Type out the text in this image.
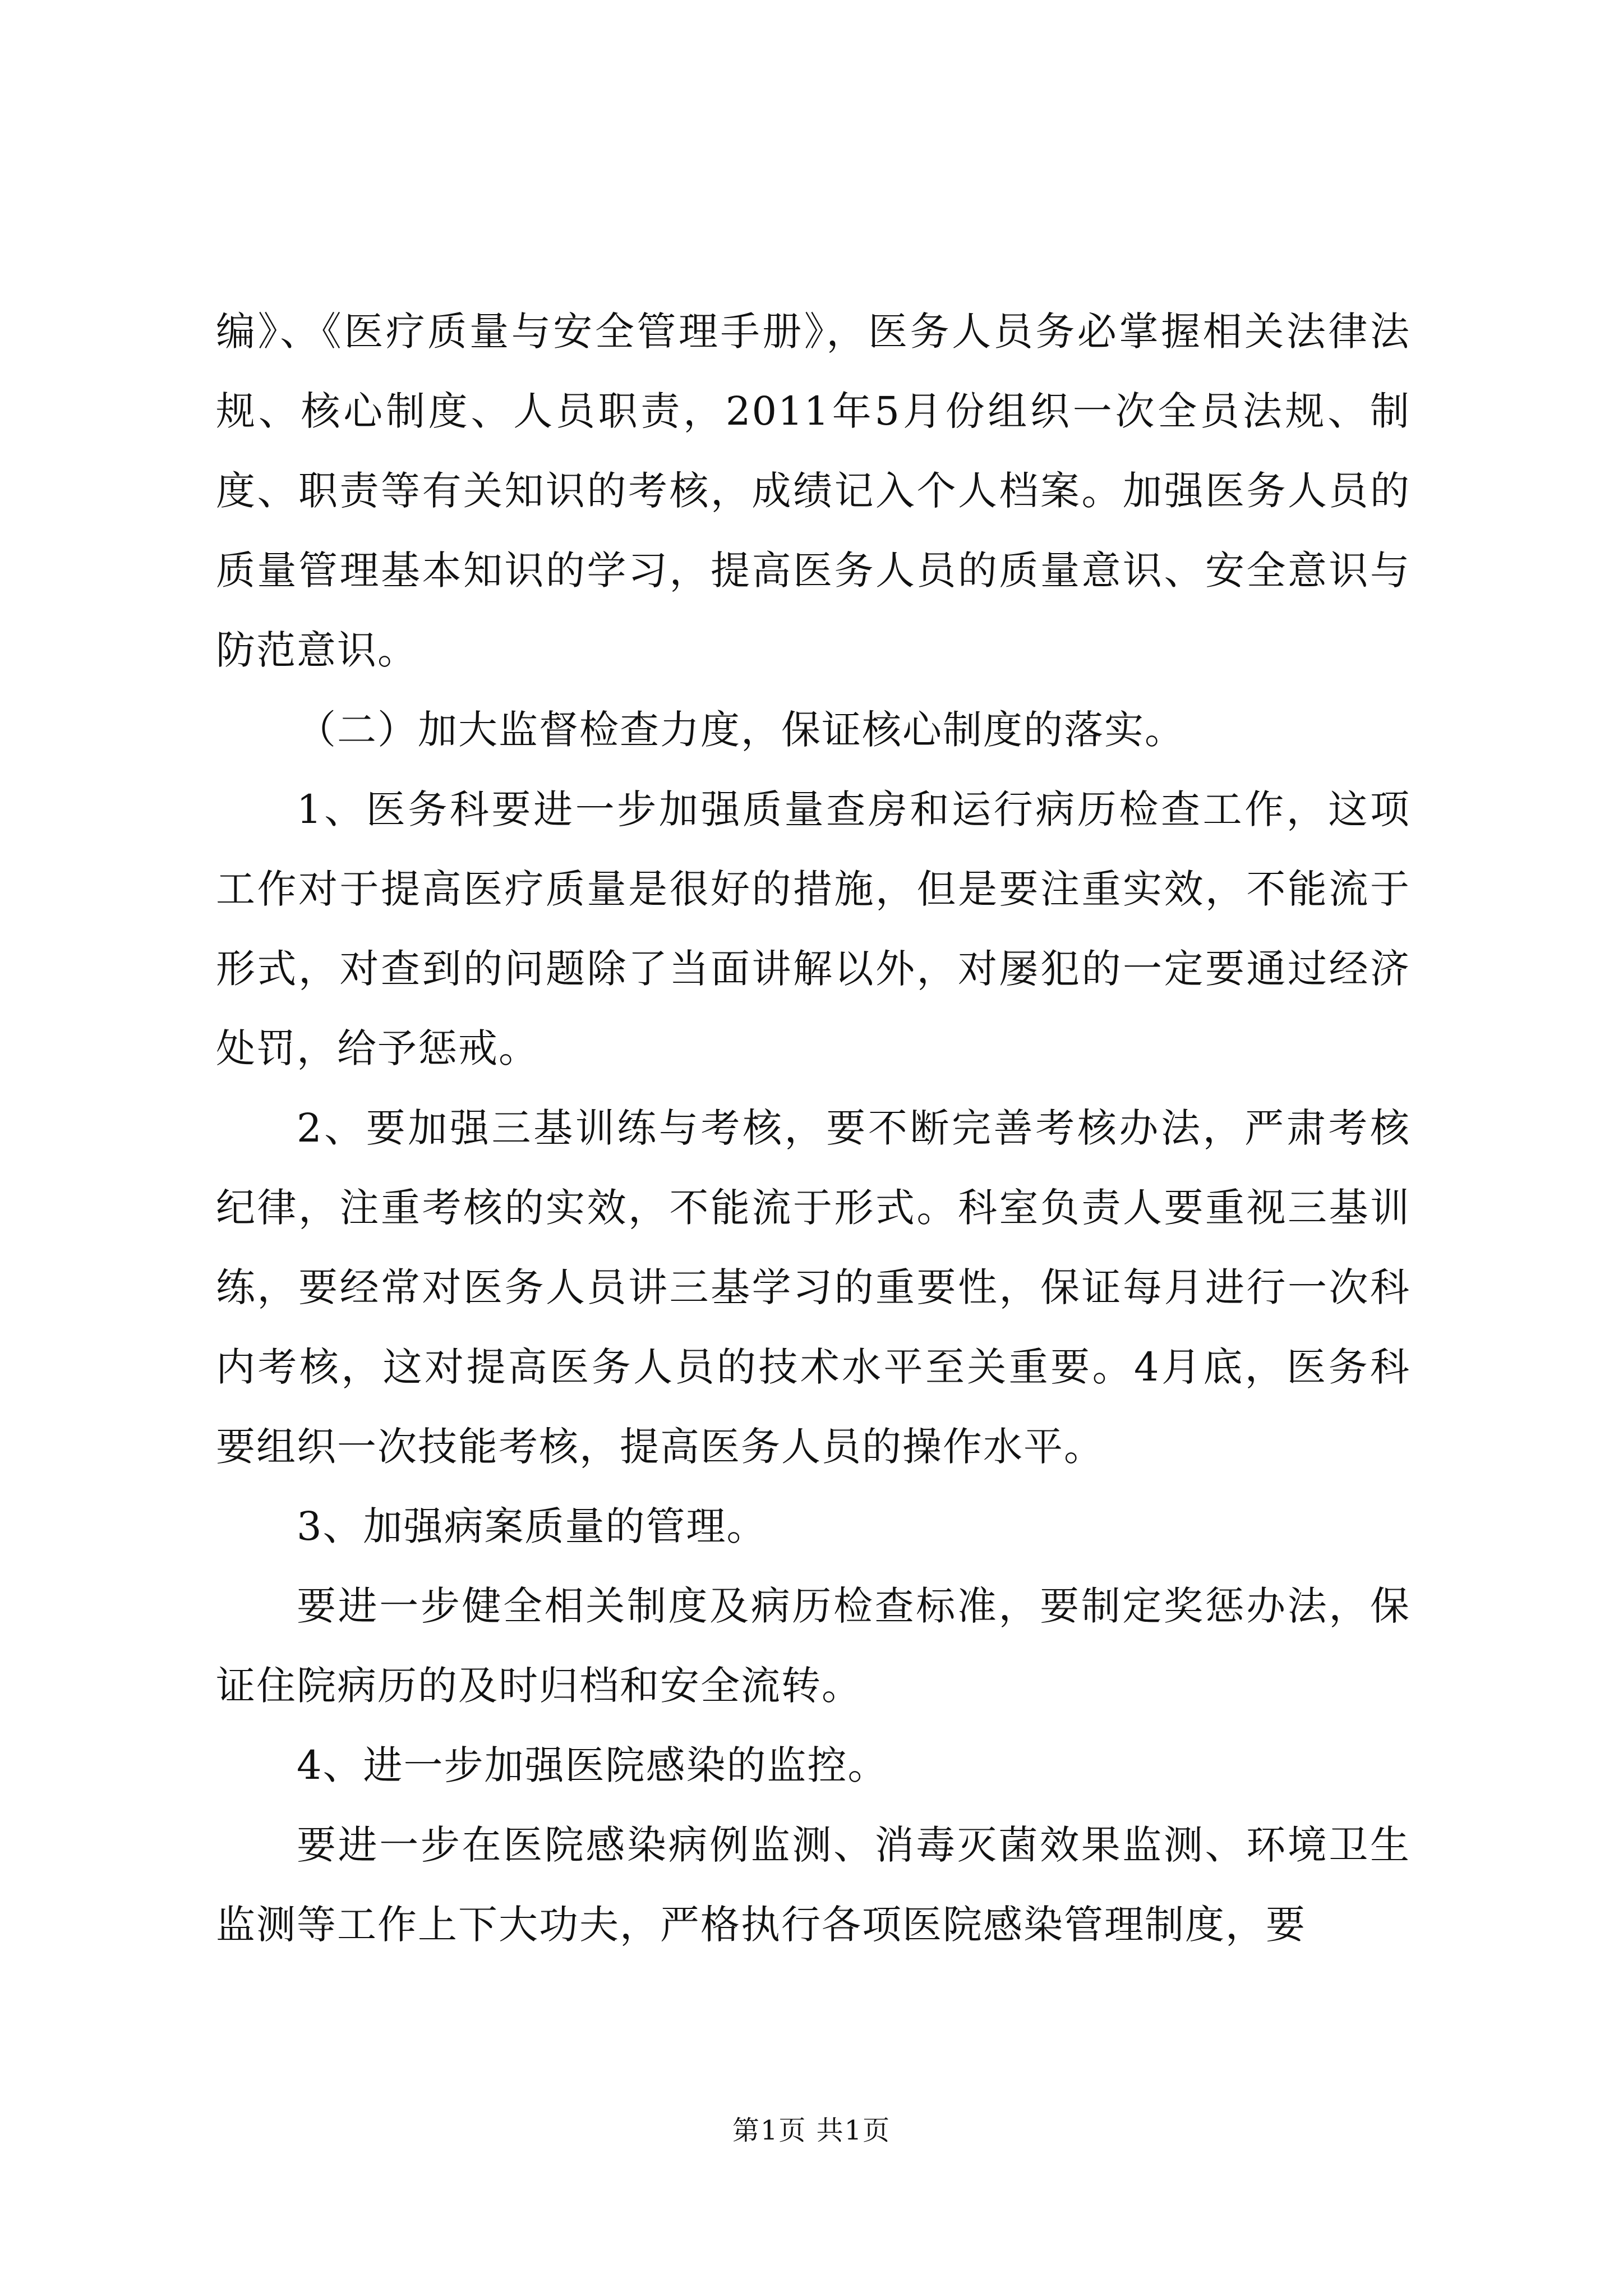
编》、《医疗质量与安全管理手册》，医务人员务必掌握相关法律法规、核心制度、人员职责，2011年5月份组织一次全员法规、制度、职责等有关知识的考核，成绩记入个人档案。加强医务人员的质量管理基本知识的学习，提高医务人员的质量意识、安全意识与防范意识。

（二）加大监督检查力度，保证核心制度的落实。

1、医务科要进一步加强质量查房和运行病历检查工作，这项工作对于提高医疗质量是很好的措施，但是要注重实效，不能流于形式，对查到的问题除了当面讲解以外，对屡犯的一定要通过经济处罚，给予惩戒。

2、要加强三基训练与考核，要不断完善考核办法，严肃考核纪律，注重考核的实效，不能流于形式。科室负责人要重视三基训练，要经常对医务人员讲三基学习的重要性，保证每月进行一次科内考核，这对提高医务人员的技术水平至关重要。4月底，医务科要组织一次技能考核，提高医务人员的操作水平。

3、加强病案质量的管理。

要进一步健全相关制度及病历检查标准，要制定奖惩办法，保证住院病历的及时归档和安全流转。

4、进一步加强医院感染的监控。

要进一步在医院感染病例监测、消毒灭菌效果监测、环境卫生监测等工作上下大功夫，严格执行各项医院感染管理制度，要

第1页 共1页
